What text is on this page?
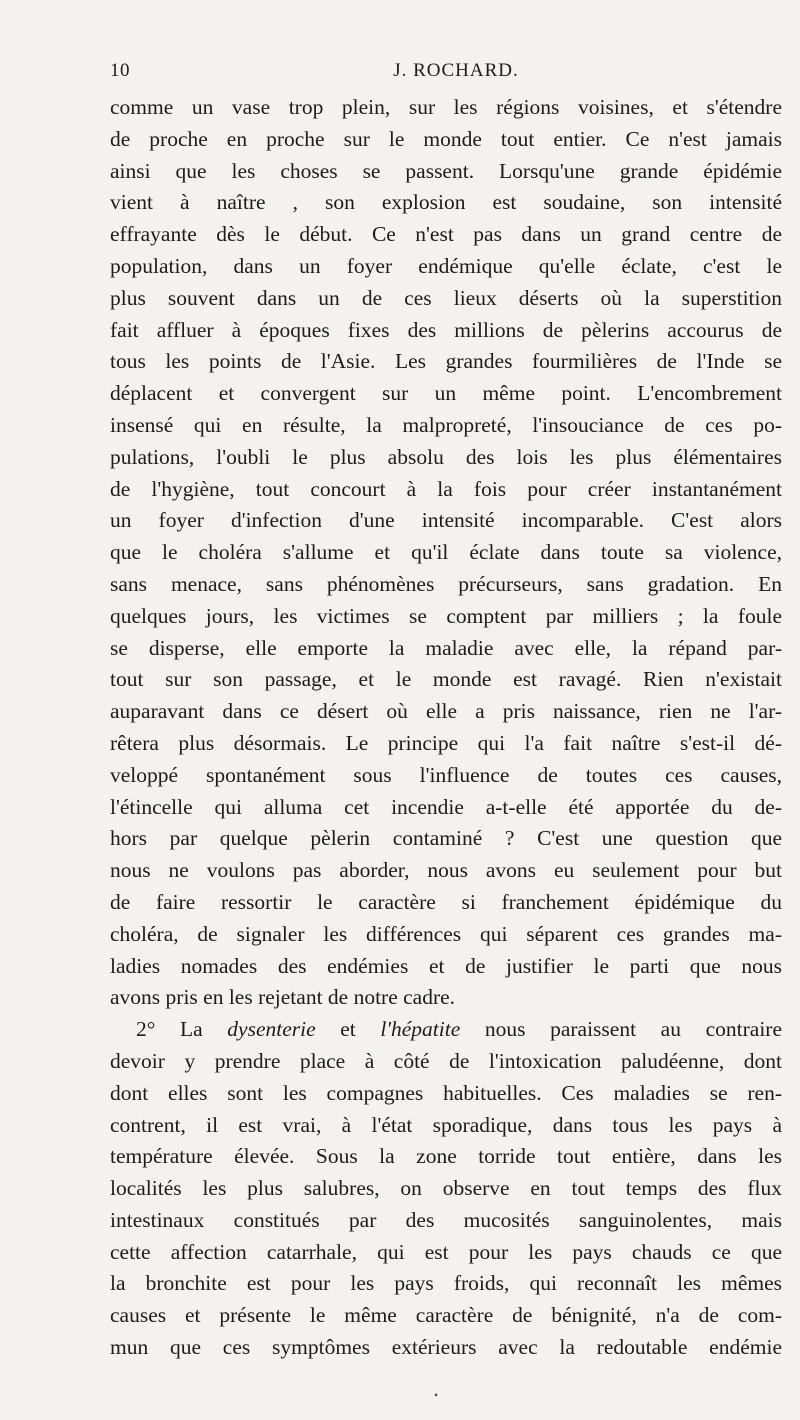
10	J. ROCHARD.
comme un vase trop plein, sur les régions voisines, et s'étendre
de proche en proche sur le monde tout entier. Ce n'est jamais
ainsi que les choses se passent. Lorsqu'une grande épidémie
vient à naître , son explosion est soudaine, son intensité
effrayante dès le début. Ce n'est pas dans un grand centre de
population, dans un foyer endémique qu'elle éclate, c'est le
plus souvent dans un de ces lieux déserts où la superstition
fait affluer à époques fixes des millions de pèlerins accourus de
tous les points de l'Asie. Les grandes fourmilières de l'Inde se
déplacent et convergent sur un même point. L'encombrement
insensé qui en résulte, la malpropreté, l'insouciance de ces po-
pulations, l'oubli le plus absolu des lois les plus élémentaires
de l'hygiène, tout concourt à la fois pour créer instantanément
un foyer d'infection d'une intensité incomparable. C'est alors
que le choléra s'allume et qu'il éclate dans toute sa violence,
sans menace, sans phénomènes précurseurs, sans gradation. En
quelques jours, les victimes se comptent par milliers ; la foule
se disperse, elle emporte la maladie avec elle, la répand par-
tout sur son passage, et le monde est ravagé. Rien n'existait
auparavant dans ce désert où elle a pris naissance, rien ne l'ar-
rêtera plus désormais. Le principe qui l'a fait naître s'est-il dé-
veloppé spontanément sous l'influence de toutes ces causes,
l'étincelle qui alluma cet incendie a-t-elle été apportée du de-
hors par quelque pèlerin contaminé ? C'est une question que
nous ne voulons pas aborder, nous avons eu seulement pour but
de faire ressortir le caractère si franchement épidémique du
choléra, de signaler les différences qui séparent ces grandes ma-
ladies nomades des endémies et de justifier le parti que nous
avons pris en les rejetant de notre cadre.
2° La dysenterie et l'hépatite nous paraissent au contraire
devoir y prendre place à côté de l'intoxication paludéenne, dont
dont elles sont les compagnes habituelles. Ces maladies se ren-
contrent, il est vrai, à l'état sporadique, dans tous les pays à
température élevée. Sous la zone torride tout entière, dans les
localités les plus salubres, on observe en tout temps des flux
intestinaux constitués par des mucosités sanguinolentes, mais
cette affection catarrhale, qui est pour les pays chauds ce que
la bronchite est pour les pays froids, qui reconnaît les mêmes
causes et présente le même caractère de bénignité, n'a de com-
mun que ces symptômes extérieurs avec la redoutable endémie
•
